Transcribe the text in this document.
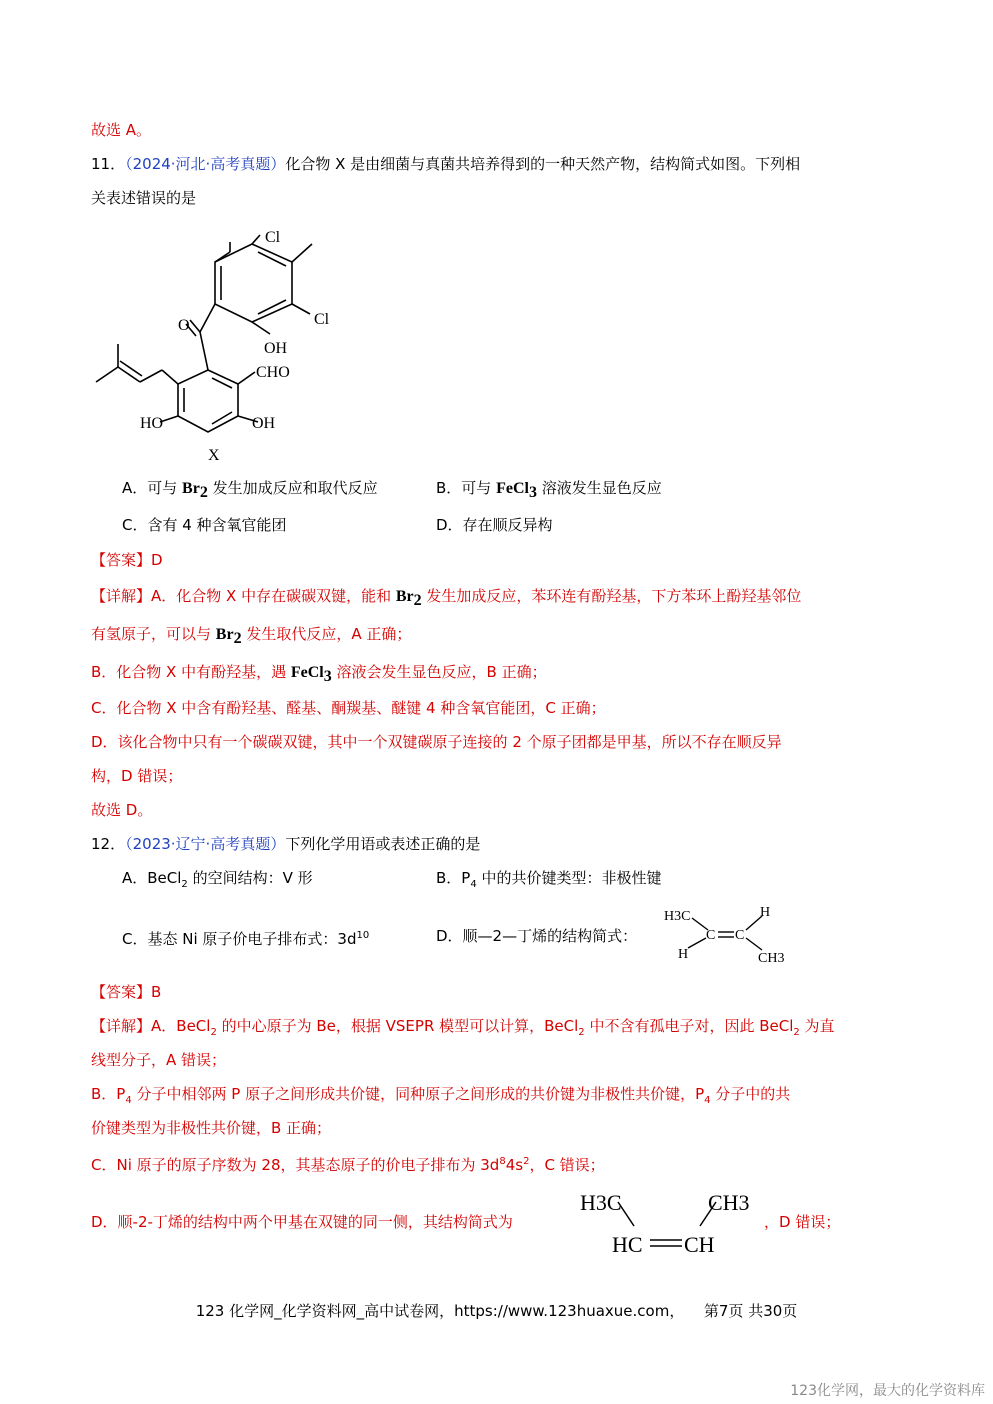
故选 A。
11．（2024·河北·高考真题）化合物 X 是由细菌与真菌共培养得到的一种天然产物，结构简式如图。下列相
关表述错误的是
Cl
Cl
OH
CHO
HO	OH
O
X
A．可与 $Br_2$ 发生加成反应和取代反应	B．可与 FeCl$_3$ 溶液发生显色反应
C．含有 4 种含氧官能团	D．存在顺反异构
【答案】D
【详解】A．化合物 X 中存在碳碳双键，能和 $Br_2$ 发生加成反应，苯环连有酚羟基，下方苯环上酚羟基邻位
有氢原子，可以与 $Br_2$ 发生取代反应，A 正确；
B．化合物 X 中有酚羟基，遇 FeCl$_3$ 溶液会发生显色反应，B 正确；
C．化合物 X 中含有酚羟基、醛基、酮羰基、醚键 4 种含氧官能团，C 正确；
D．该化合物中只有一个碳碳双键，其中一个双键碳原子连接的 2 个原子团都是甲基，所以不存在顺反异
构，D 错误；
故选 D。
12．（2023·辽宁·高考真题）下列化学用语或表述正确的是
A．BeCl$_2$ 的空间结构：V 形	B．$P_4$ 中的共价键类型：非极性键
C．基态 Ni 原子价电子排布式：$3d^{10}$	D．顺—2—丁烯的结构简式：
H3C
C C
H
H
CH3
【答案】B
【详解】A．BeCl$_2$ 的中心原子为 Be，根据 VSEPR 模型可以计算，BeCl$_2$ 中不含有孤电子对，因此 BeCl$_2$ 为直
线型分子，A 错误；
B．$P_4$ 分子中相邻两 P 原子之间形成共价键，同种原子之间形成的共价键为非极性共价键，$P_4$ 分子中的共
价键类型为非极性共价键，B 正确；
C．Ni 原子的原子序数为 28，其基态原子的价电子排布为 $3d^84s^2$，C 错误；
D．顺-2-丁烯的结构中两个甲基在双键的同一侧，其结构简式为
H3C	CH3
HC CH
，D 错误；
123 化学网_化学资料网_高中试卷网，https://www.123huaxue.com， 第7页 共30页
123化学网，最大的化学资料库
